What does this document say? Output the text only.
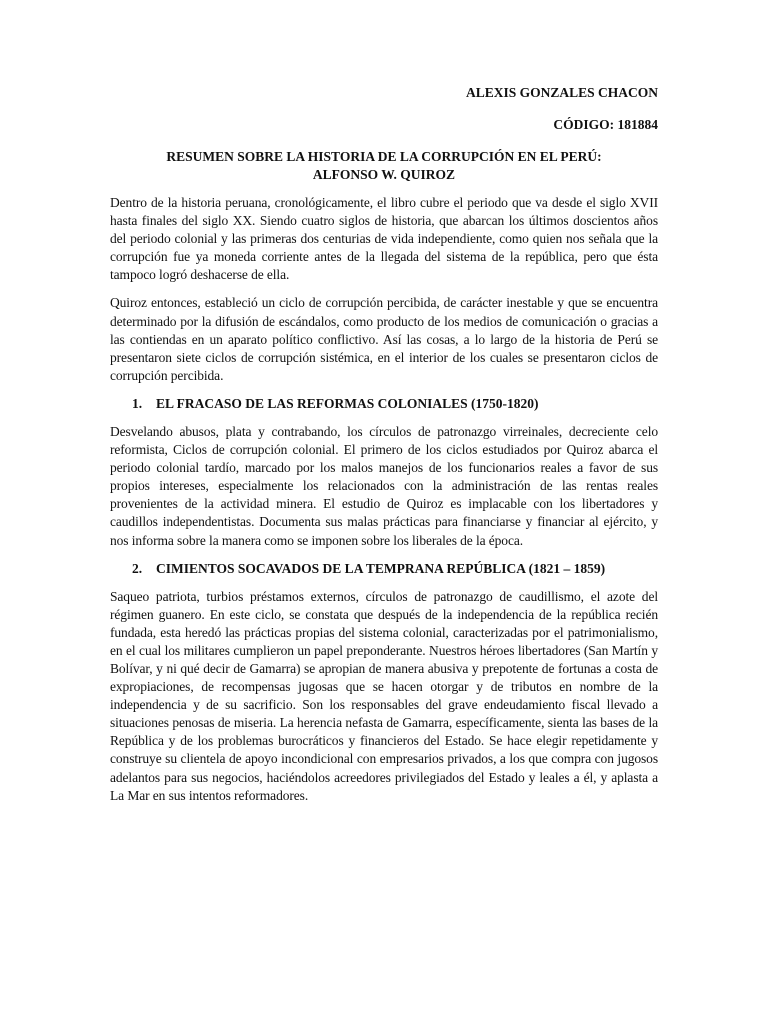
ALEXIS GONZALES CHACON

CÓDIGO: 181884

RESUMEN SOBRE LA HISTORIA DE LA CORRUPCIÓN EN EL PERÚ:
ALFONSO W. QUIROZ

Dentro de la historia peruana, cronológicamente, el libro cubre el periodo que va desde el siglo XVII hasta finales del siglo XX. Siendo cuatro siglos de historia, que abarcan los últimos doscientos años del periodo colonial y las primeras dos centurias de vida independiente, como quien nos señala que la corrupción fue ya moneda corriente antes de la llegada del sistema de la república, pero que ésta tampoco logró deshacerse de ella.

Quiroz entonces, estableció un ciclo de corrupción percibida, de carácter inestable y que se encuentra determinado por la difusión de escándalos, como producto de los medios de comunicación o gracias a las contiendas en un aparato político conflictivo. Así las cosas, a lo largo de la historia de Perú se presentaron siete ciclos de corrupción sistémica, en el interior de los cuales se presentaron ciclos de corrupción percibida.

1.	EL FRACASO DE LAS REFORMAS COLONIALES (1750-1820)

Desvelando abusos, plata y contrabando, los círculos de patronazgo virreinales, decreciente celo reformista, Ciclos de corrupción colonial. El primero de los ciclos estudiados por Quiroz abarca el periodo colonial tardío, marcado por los malos manejos de los funcionarios reales a favor de sus propios intereses, especialmente los relacionados con la administración de las rentas reales provenientes de la actividad minera. El estudio de Quiroz es implacable con los libertadores y caudillos independentistas. Documenta sus malas prácticas para financiarse y financiar al ejército, y nos informa sobre la manera como se imponen sobre los liberales de la época.

2.	CIMIENTOS SOCAVADOS DE LA TEMPRANA REPÚBLICA (1821 – 1859)

Saqueo patriota, turbios préstamos externos, círculos de patronazgo de caudillismo, el azote del régimen guanero. En este ciclo, se constata que después de la independencia de la república recién fundada, esta heredó las prácticas propias del sistema colonial, caracterizadas por el patrimonialismo, en el cual los militares cumplieron un papel preponderante. Nuestros héroes libertadores (San Martín y Bolívar, y ni qué decir de Gamarra) se apropian de manera abusiva y prepotente de fortunas a costa de expropiaciones, de recompensas jugosas que se hacen otorgar y de tributos en nombre de la independencia y de su sacrificio. Son los responsables del grave endeudamiento fiscal llevado a situaciones penosas de miseria. La herencia nefasta de Gamarra, específicamente, sienta las bases de la República y de los problemas burocráticos y financieros del Estado. Se hace elegir repetidamente y construye su clientela de apoyo incondicional con empresarios privados, a los que compra con jugosos adelantos para sus negocios, haciéndolos acreedores privilegiados del Estado y leales a él, y aplasta a La Mar en sus intentos reformadores.
